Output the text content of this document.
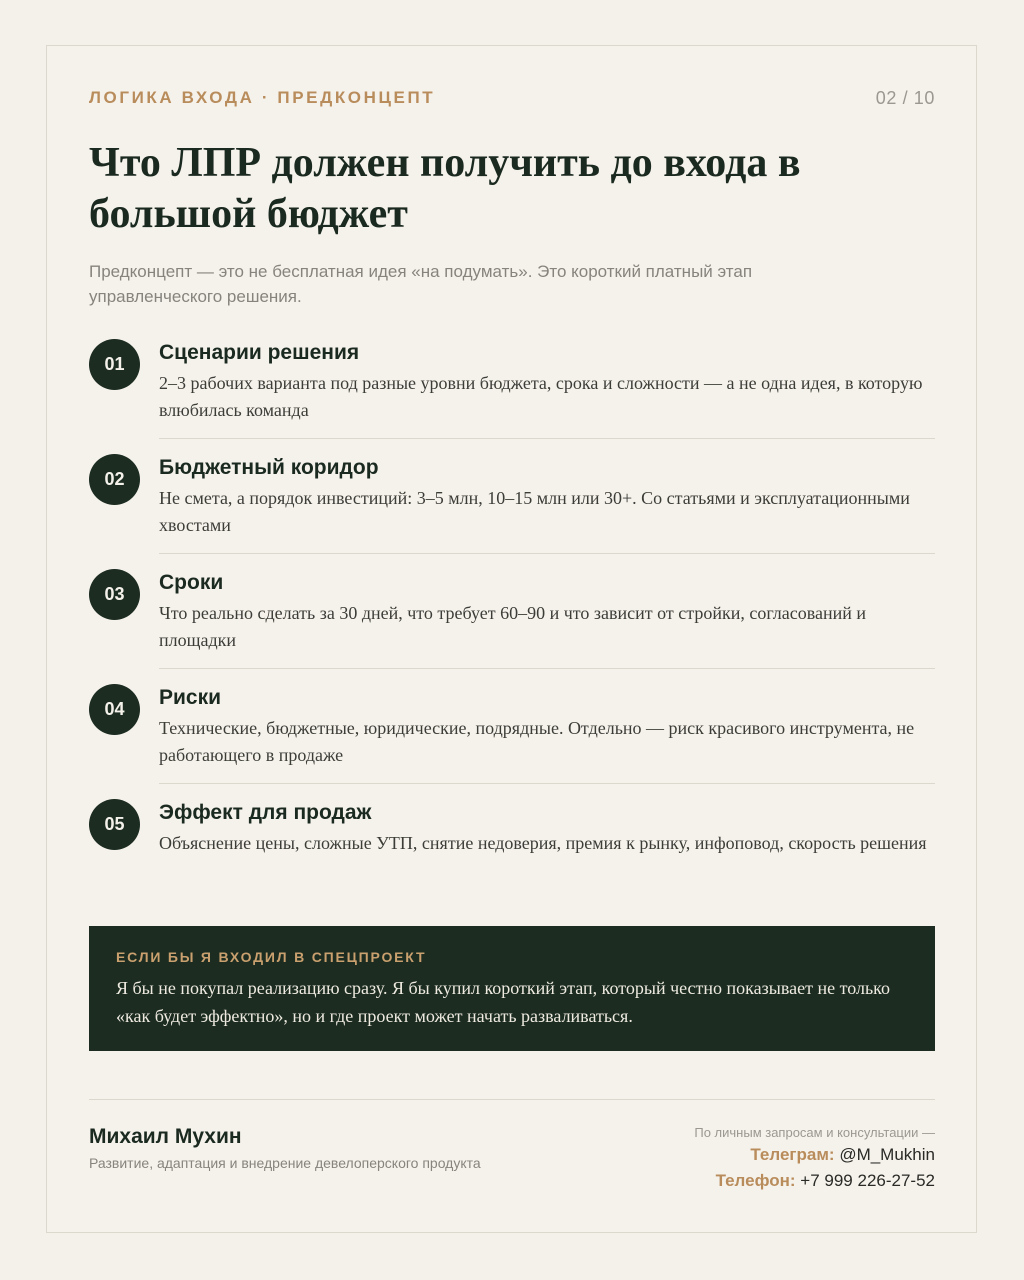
ЛОГИКА ВХОДА · ПРЕДКОНЦЕПТ	02 / 10
Что ЛПР должен получить до входа в большой бюджет

Предконцепт — это не бесплатная идея «на подумать». Это короткий платный этап управленческого решения.

01	Сценарии решения

2–3 рабочих варианта под разные уровни бюджета, срока и сложности — а не одна идея, в которую влюбилась команда

02	Бюджетный коридор

Не смета, а порядок инвестиций: 3–5 млн, 10–15 млн или 30+. Со статьями и эксплуатационными хвостами

03	Сроки

Что реально сделать за 30 дней, что требует 60–90 и что зависит от стройки, согласований и площадки

04	Риски

Технические, бюджетные, юридические, подрядные. Отдельно — риск красивого инструмента, не работающего в продаже

05	Эффект для продаж

Объяснение цены, сложные УТП, снятие недоверия, премия к рынку, инфоповод, скорость решения

ЕСЛИ БЫ Я ВХОДИЛ В СПЕЦПРОЕКТ

Я бы не покупал реализацию сразу. Я бы купил короткий этап, который честно показывает не только «как будет эффектно», но и где проект может начать разваливаться.

Михаил Мухин
Развитие, адаптация и внедрение девелоперского продукта
По личным запросам и консультации —
Телеграм: @M_Mukhin
Телефон: +7 999 226-27-52
